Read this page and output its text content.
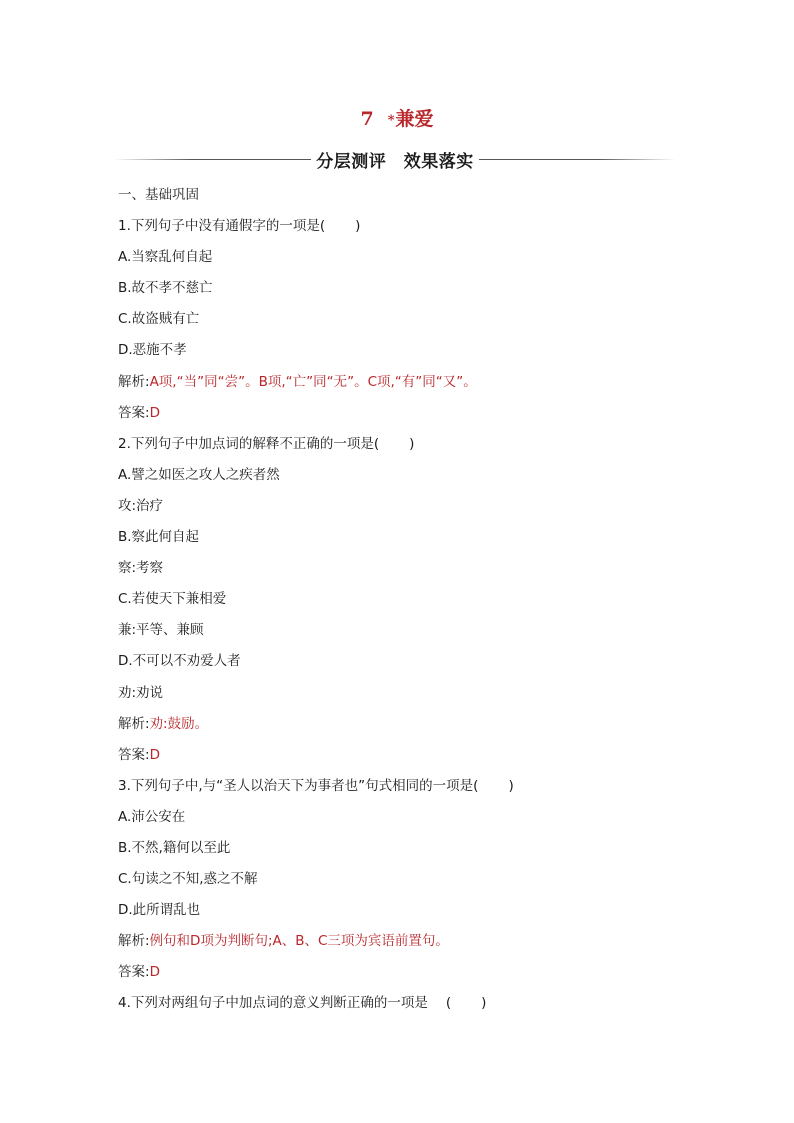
7 *兼爱
分层测评　效果落实
一、基础巩固
1.下列句子中没有通假字的一项是( )
A.当察乱何自起
B.故不孝不慈亡
C.故盗贼有亡
D.恶施不孝
解析:A项,“当”同“尝”。B项,“亡”同“无”。C项,“有”同“又”。
答案:D
2.下列句子中加点词的解释不正确的一项是( )
A.譬之如医之攻人之疾者然
攻:治疗
B.察此何自起
察:考察
C.若使天下兼相爱
兼:平等、兼顾
D.不可以不劝爱人者
劝:劝说
解析:劝:鼓励。
答案:D
3.下列句子中,与“圣人以治天下为事者也”句式相同的一项是( )
A.沛公安在
B.不然,籍何以至此
C.句读之不知,惑之不解
D.此所谓乱也
解析:例句和D项为判断句;A、B、C三项为宾语前置句。
答案:D
4.下列对两组句子中加点词的意义判断正确的一项是 ( )
